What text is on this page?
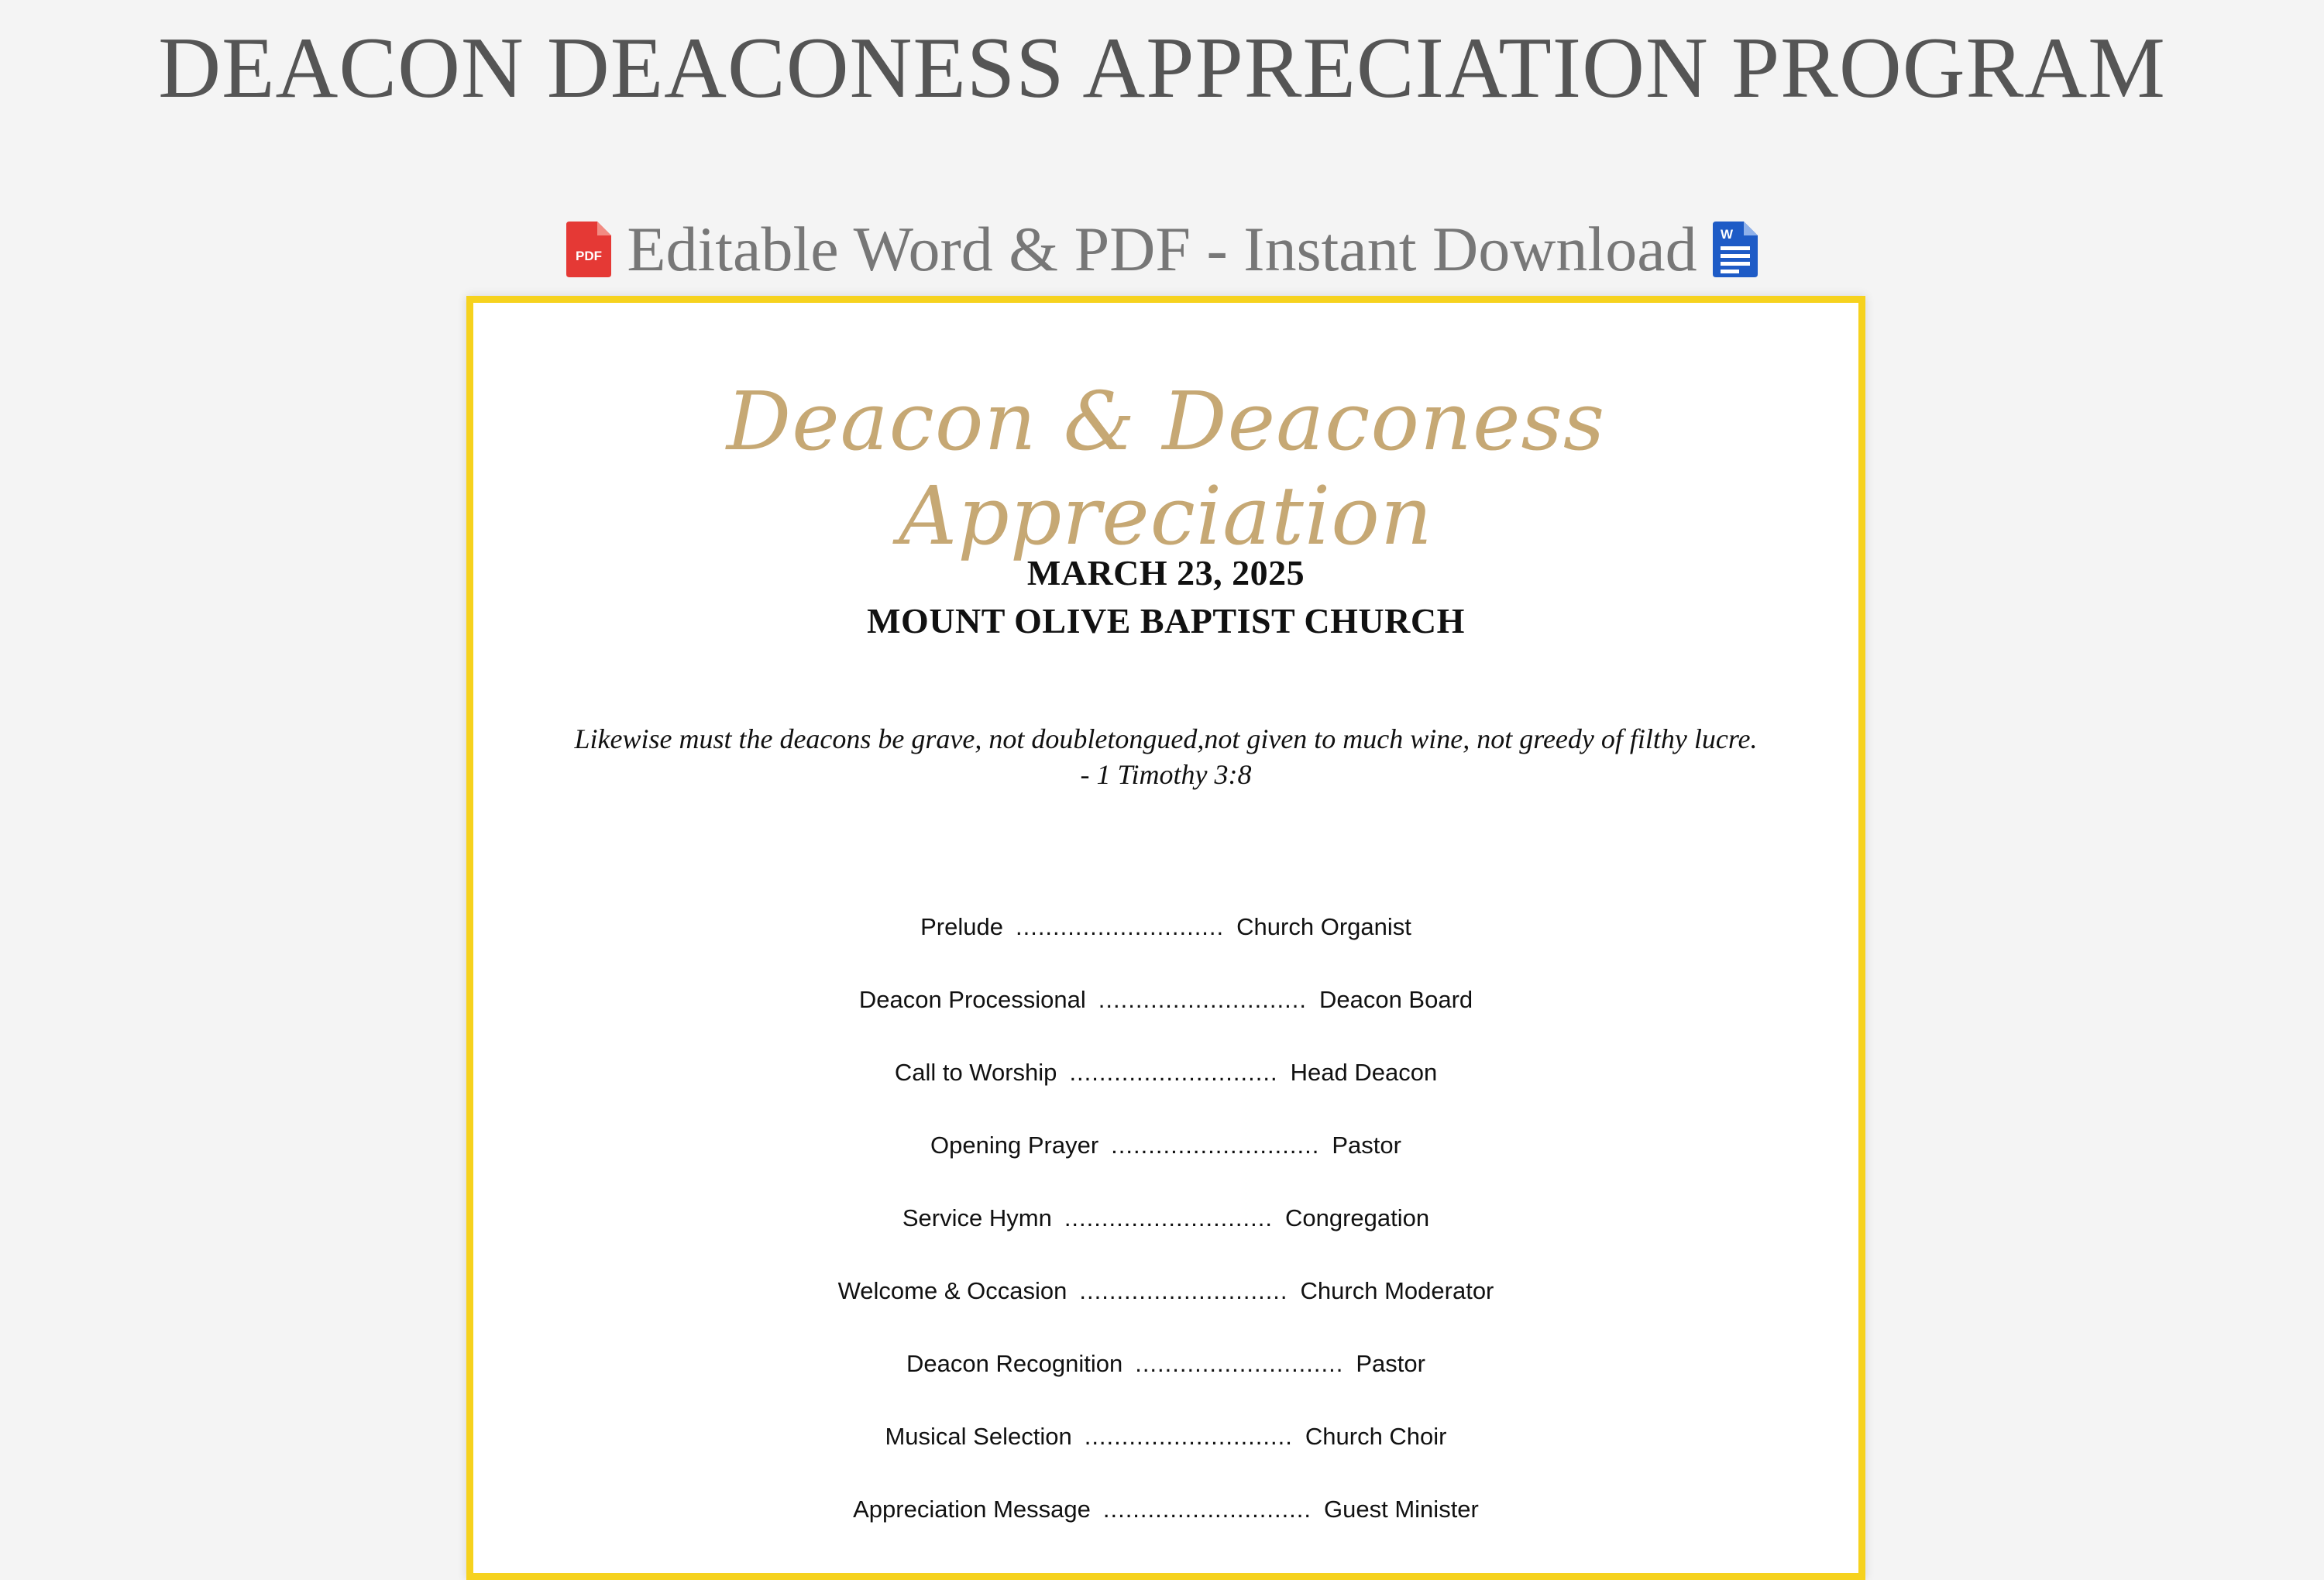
DEACON DEACONESS APPRECIATION PROGRAM
PDF Editable Word & PDF - Instant Download W
Deacon & Deaconess Appreciation
MARCH 23, 2025
MOUNT OLIVE BAPTIST CHURCH
Likewise must the deacons be grave, not doubletongued,not given to much wine, not greedy of filthy lucre.
- 1 Timothy 3:8
Prelude ............................ Church Organist
Deacon Processional ............................ Deacon Board
Call to Worship ............................ Head Deacon
Opening Prayer ............................ Pastor
Service Hymn ............................ Congregation
Welcome & Occasion ............................ Church Moderator
Deacon Recognition ............................ Pastor
Musical Selection ............................ Church Choir
Appreciation Message ............................ Guest Minister
